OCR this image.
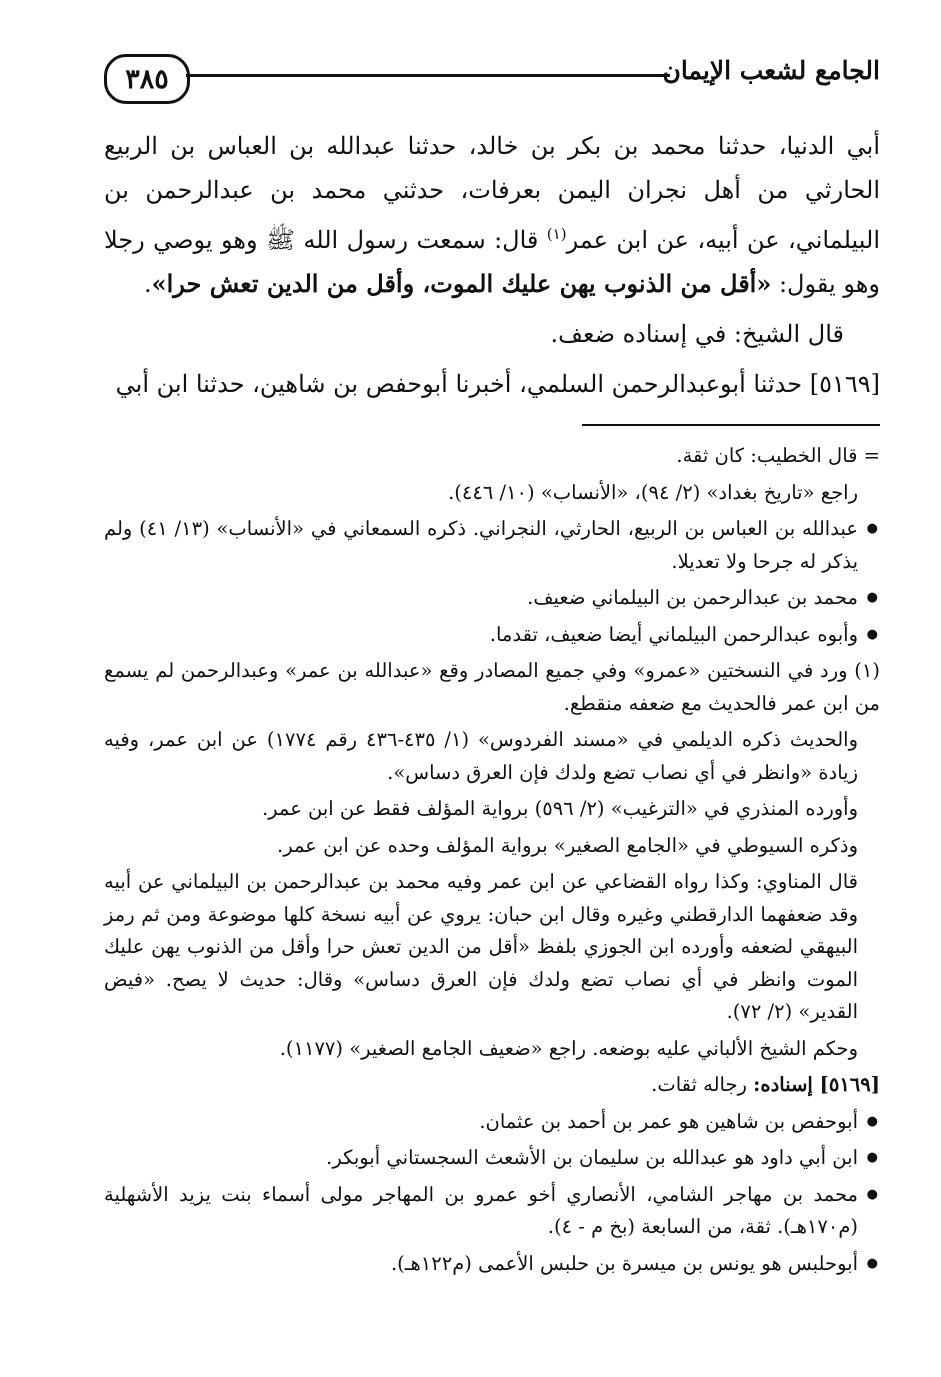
٣٨٥	الجامع لشعب الإيمان

أبي الدنيا، حدثنا محمد بن بكر بن خالد، حدثنا عبدالله بن العباس بن الربيع الحارثي من أهل نجران اليمن بعرفات، حدثني محمد بن عبدالرحمن بن البيلماني، عن أبيه، عن ابن عمر$^{(١)}$ قال: سمعت رسول الله ﷺ وهو يوصي رجلا وهو يقول: «أقل من الذنوب يهن عليك الموت، وأقل من الدين تعش حرا».

قال الشيخ: في إسناده ضعف.

[٥١٦٩] حدثنا أبوعبدالرحمن السلمي، أخبرنا أبوحفص بن شاهين، حدثنا ابن أبي

= قال الخطيب: كان ثقة.

راجع «تاريخ بغداد» (٢/ ٩٤)، «الأنساب» (١٠/ ٤٤٦).

● عبدالله بن العباس بن الربيع، الحارثي، النجراني. ذكره السمعاني في «الأنساب» (١٣/ ٤١) ولم يذكر له جرحا ولا تعديلا.

● محمد بن عبدالرحمن بن البيلماني ضعيف.

● وأبوه عبدالرحمن البيلماني أيضا ضعيف، تقدما.

(١) ورد في النسختين «عمرو» وفي جميع المصادر وقع «عبدالله بن عمر» وعبدالرحمن لم يسمع من ابن عمر فالحديث مع ضعفه منقطع.

والحديث ذكره الديلمي في «مسند الفردوس» (١/ ٤٣٥-٤٣٦ رقم ١٧٧٤) عن ابن عمر، وفيه زيادة «وانظر في أي نصاب تضع ولدك فإن العرق دساس».

وأورده المنذري في «الترغيب» (٢/ ٥٩٦) برواية المؤلف فقط عن ابن عمر.

وذكره السيوطي في «الجامع الصغير» برواية المؤلف وحده عن ابن عمر.

قال المناوي: وكذا رواه القضاعي عن ابن عمر وفيه محمد بن عبدالرحمن بن البيلماني عن أبيه وقد ضعفهما الدارقطني وغيره وقال ابن حبان: يروي عن أبيه نسخة كلها موضوعة ومن ثم رمز البيهقي لضعفه وأورده ابن الجوزي بلفظ «أقل من الدين تعش حرا وأقل من الذنوب يهن عليك الموت وانظر في أي نصاب تضع ولدك فإن العرق دساس» وقال: حديث لا يصح. «فيض القدير» (٢/ ٧٢).

وحكم الشيخ الألباني عليه بوضعه. راجع «ضعيف الجامع الصغير» (١١٧٧).

[٥١٦٩] إسناده: رجاله ثقات.

● أبوحفص بن شاهين هو عمر بن أحمد بن عثمان.

● ابن أبي داود هو عبدالله بن سليمان بن الأشعث السجستاني أبوبكر.

● محمد بن مهاجر الشامي، الأنصاري أخو عمرو بن المهاجر مولى أسماء بنت يزيد الأشهلية (م١٧٠هـ). ثقة، من السابعة (بخ م - ٤).

● أبوحلبس هو يونس بن ميسرة بن حلبس الأعمى (م١٢٢هـ).
